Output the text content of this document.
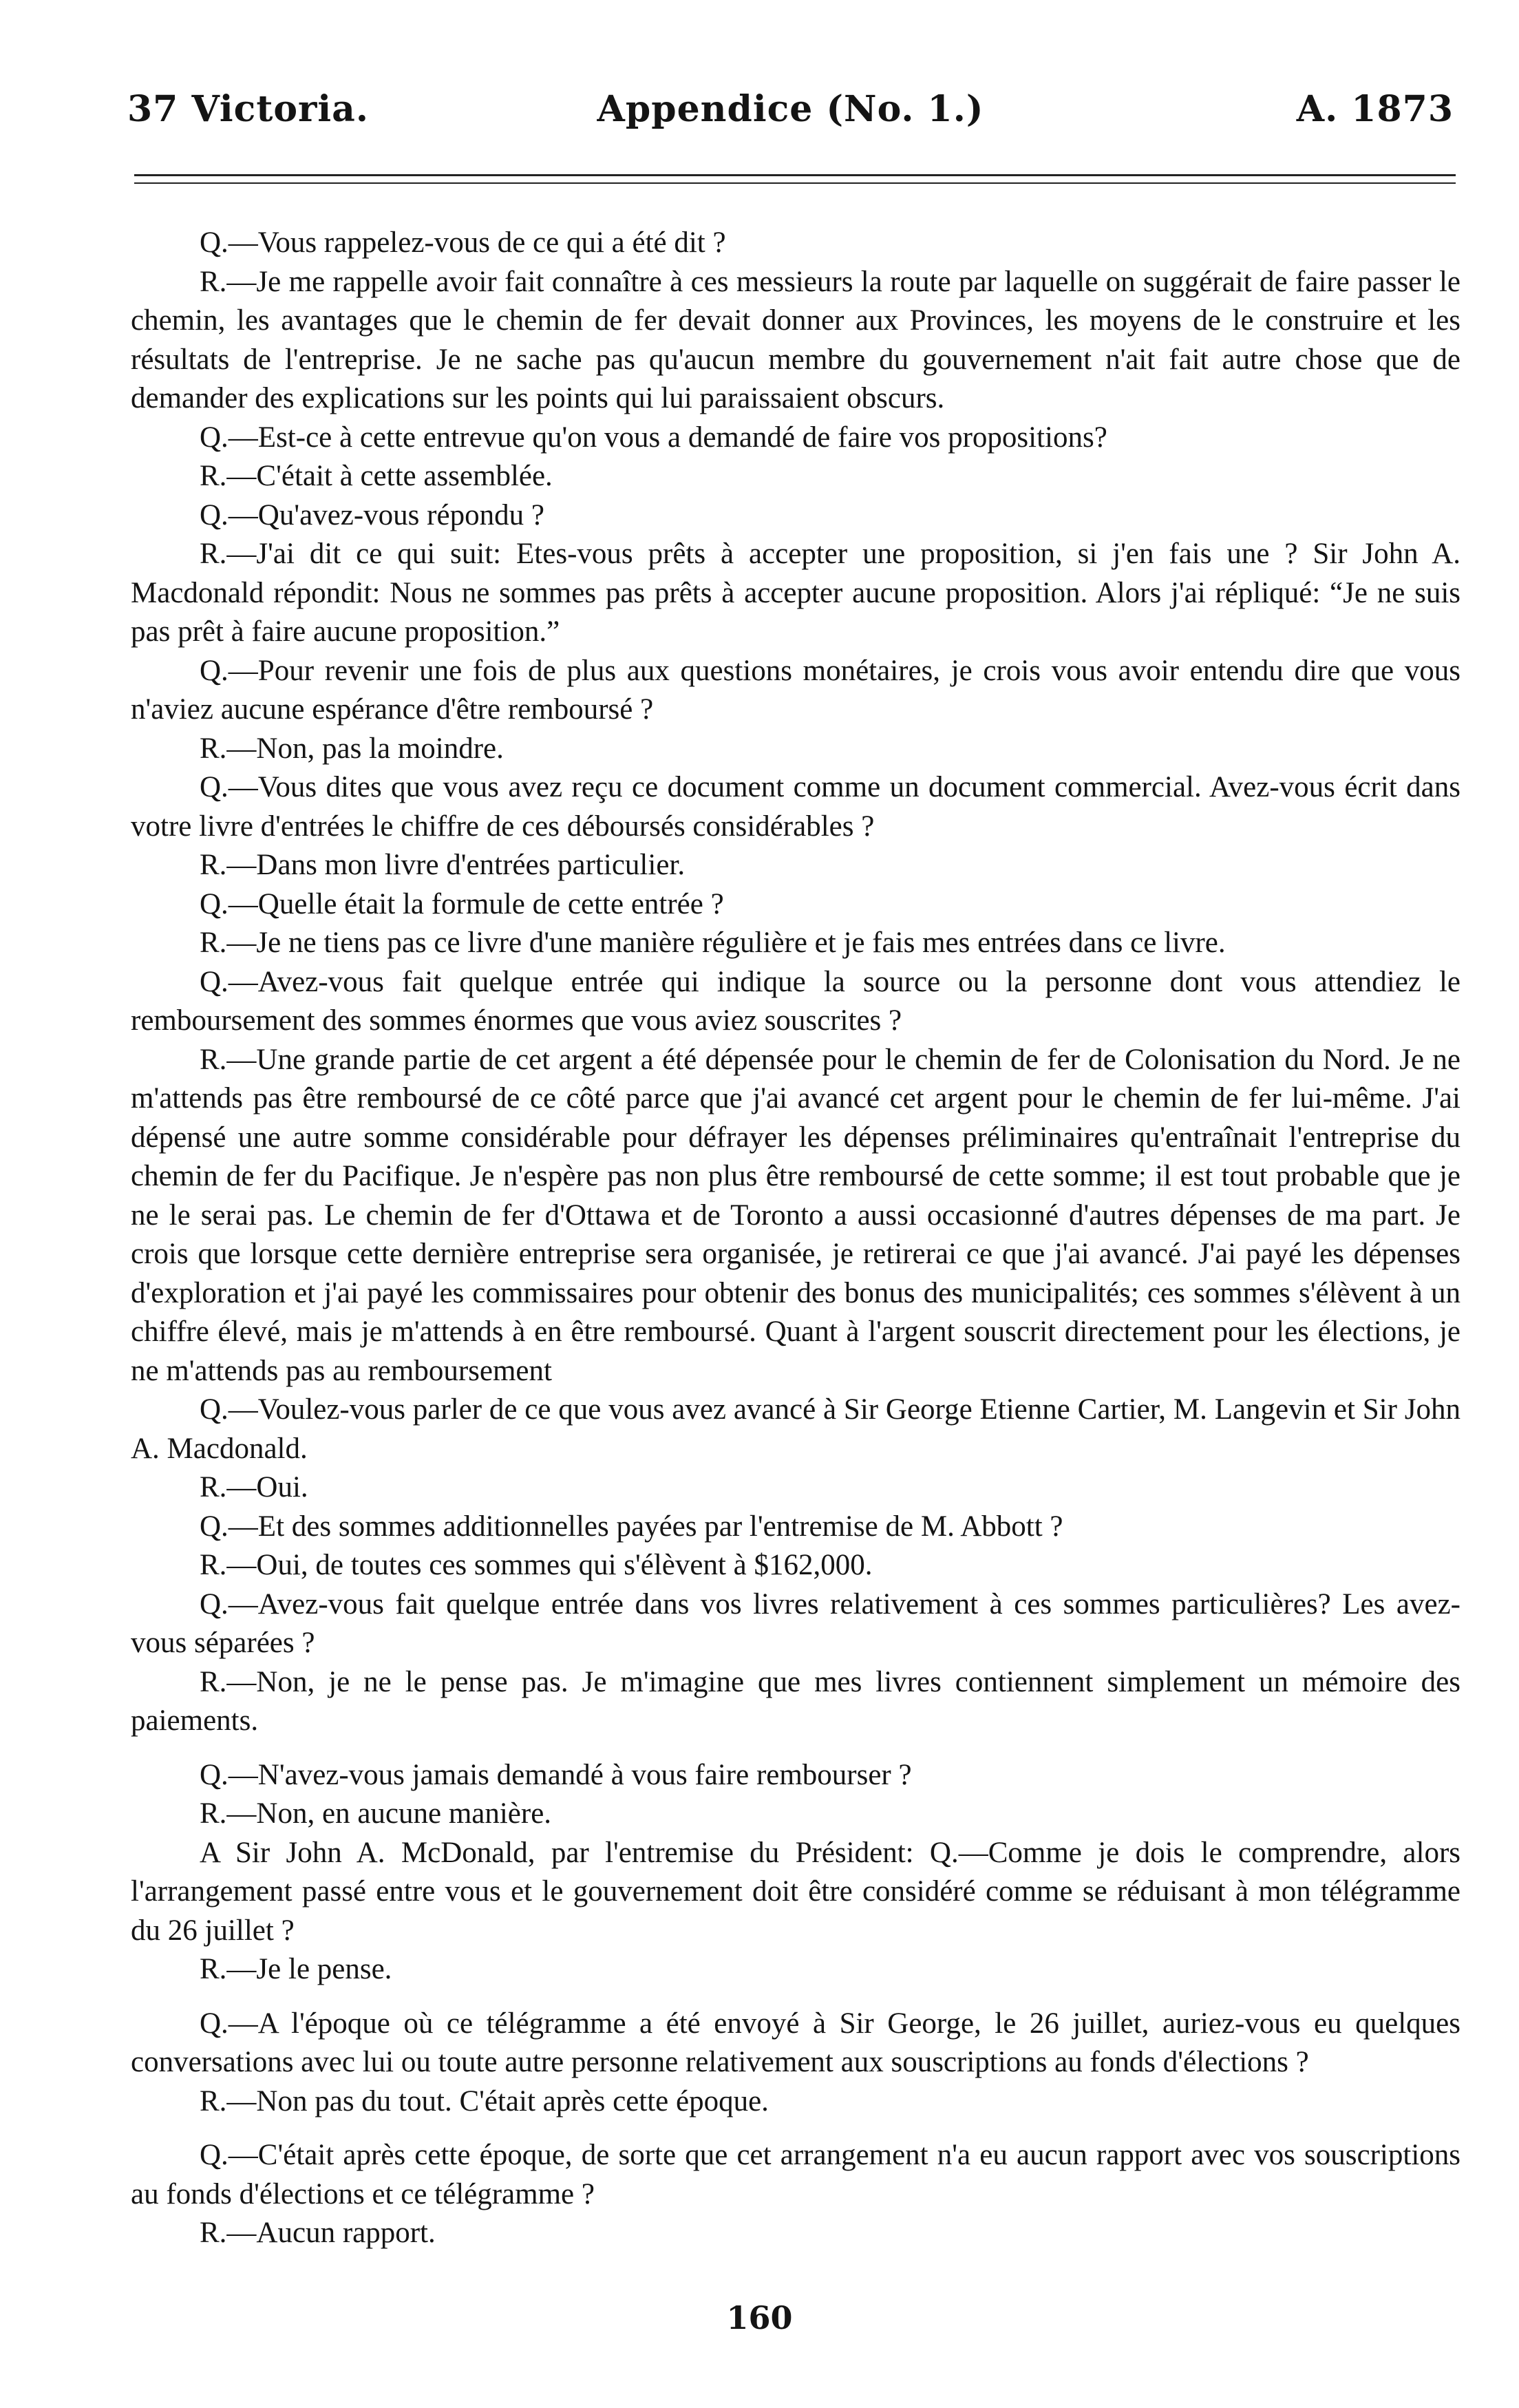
37 Victoria.	Appendice (No. 1.)	A. 1873

Q.—Vous rappelez-vous de ce qui a été dit ?

R.—Je me rappelle avoir fait connaître à ces messieurs la route par laquelle on suggérait de faire passer le chemin, les avantages que le chemin de fer devait donner aux Provinces, les moyens de le construire et les résultats de l'entreprise. Je ne sache pas qu'aucun membre du gouvernement n'ait fait autre chose que de demander des explications sur les points qui lui paraissaient obscurs.

Q.—Est-ce à cette entrevue qu'on vous a demandé de faire vos propositions?

R.—C'était à cette assemblée.

Q.—Qu'avez-vous répondu ?

R.—J'ai dit ce qui suit: Etes-vous prêts à accepter une proposition, si j'en fais une ? Sir John A. Macdonald répondit: Nous ne sommes pas prêts à accepter aucune proposition. Alors j'ai répliqué: “Je ne suis pas prêt à faire aucune proposition.”

Q.—Pour revenir une fois de plus aux questions monétaires, je crois vous avoir entendu dire que vous n'aviez aucune espérance d'être remboursé ?

R.—Non, pas la moindre.

Q.—Vous dites que vous avez reçu ce document comme un document commercial. Avez-vous écrit dans votre livre d'entrées le chiffre de ces déboursés considérables ?

R.—Dans mon livre d'entrées particulier.

Q.—Quelle était la formule de cette entrée ?

R.—Je ne tiens pas ce livre d'une manière régulière et je fais mes entrées dans ce livre.

Q.—Avez-vous fait quelque entrée qui indique la source ou la personne dont vous attendiez le remboursement des sommes énormes que vous aviez souscrites ?

R.—Une grande partie de cet argent a été dépensée pour le chemin de fer de Colonisation du Nord. Je ne m'attends pas être remboursé de ce côté parce que j'ai avancé cet argent pour le chemin de fer lui-même. J'ai dépensé une autre somme considérable pour défrayer les dépenses préliminaires qu'entraînait l'entreprise du chemin de fer du Pacifique. Je n'espère pas non plus être remboursé de cette somme; il est tout probable que je ne le serai pas. Le chemin de fer d'Ottawa et de Toronto a aussi occasionné d'autres dépenses de ma part. Je crois que lorsque cette dernière entreprise sera organisée, je retirerai ce que j'ai avancé. J'ai payé les dépenses d'exploration et j'ai payé les commissaires pour obtenir des bonus des municipalités; ces sommes s'élèvent à un chiffre élevé, mais je m'attends à en être remboursé. Quant à l'argent souscrit directement pour les élections, je ne m'attends pas au remboursement

Q.—Voulez-vous parler de ce que vous avez avancé à Sir George Etienne Cartier, M. Langevin et Sir John A. Macdonald.

R.—Oui.

Q.—Et des sommes additionnelles payées par l'entremise de M. Abbott ?

R.—Oui, de toutes ces sommes qui s'élèvent à $162,000.

Q.—Avez-vous fait quelque entrée dans vos livres relativement à ces sommes particulières? Les avez-vous séparées ?

R.—Non, je ne le pense pas. Je m'imagine que mes livres contiennent simplement un mémoire des paiements.

Q.—N'avez-vous jamais demandé à vous faire rembourser ?

R.—Non, en aucune manière.

A Sir John A. McDonald, par l'entremise du Président: Q.—Comme je dois le comprendre, alors l'arrangement passé entre vous et le gouvernement doit être considéré comme se réduisant à mon télégramme du 26 juillet ?

R.—Je le pense.

Q.—A l'époque où ce télégramme a été envoyé à Sir George, le 26 juillet, auriez-vous eu quelques conversations avec lui ou toute autre personne relativement aux souscriptions au fonds d'élections ?

R.—Non pas du tout. C'était après cette époque.

Q.—C'était après cette époque, de sorte que cet arrangement n'a eu aucun rapport avec vos souscriptions au fonds d'élections et ce télégramme ?

R.—Aucun rapport.

160
